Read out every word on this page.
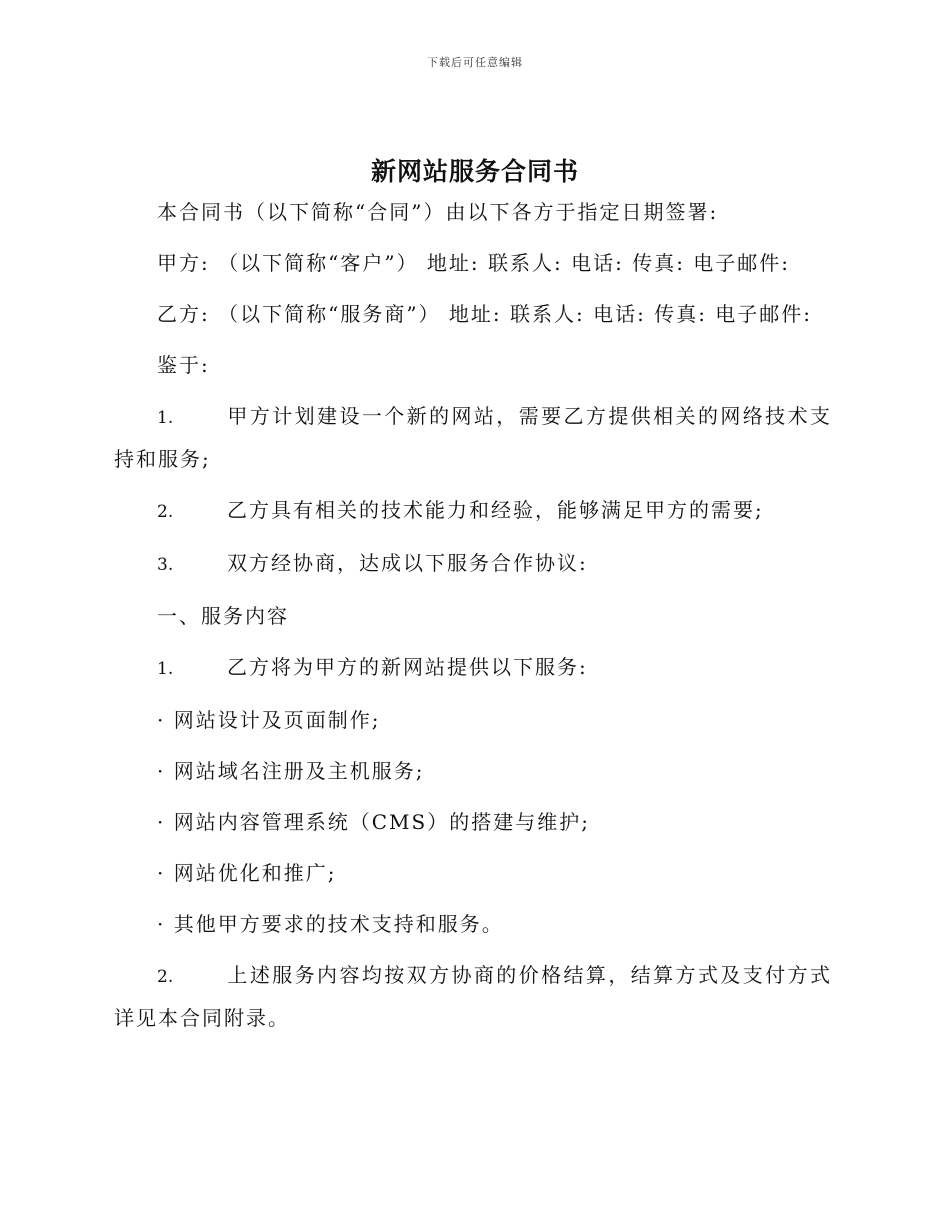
下载后可任意编辑
新网站服务合同书

本合同书（以下简称“合同”）由以下各方于指定日期签署:

甲方: （以下简称“客户”） 地址: 联系人: 电话: 传真: 电子邮件:

乙方: （以下简称“服务商”） 地址: 联系人: 电话: 传真: 电子邮件:

鉴于:

1.	甲方计划建设一个新的网站，需要乙方提供相关的网络技术支持和服务;

2.	乙方具有相关的技术能力和经验，能够满足甲方的需要;

3.	双方经协商，达成以下服务合作协议:

一、服务内容

1.	乙方将为甲方的新网站提供以下服务:

· 网站设计及页面制作;

· 网站域名注册及主机服务;

· 网站内容管理系统（CMS）的搭建与维护;

· 网站优化和推广;

· 其他甲方要求的技术支持和服务。

2.	上述服务内容均按双方协商的价格结算，结算方式及支付方式详见本合同附录。
